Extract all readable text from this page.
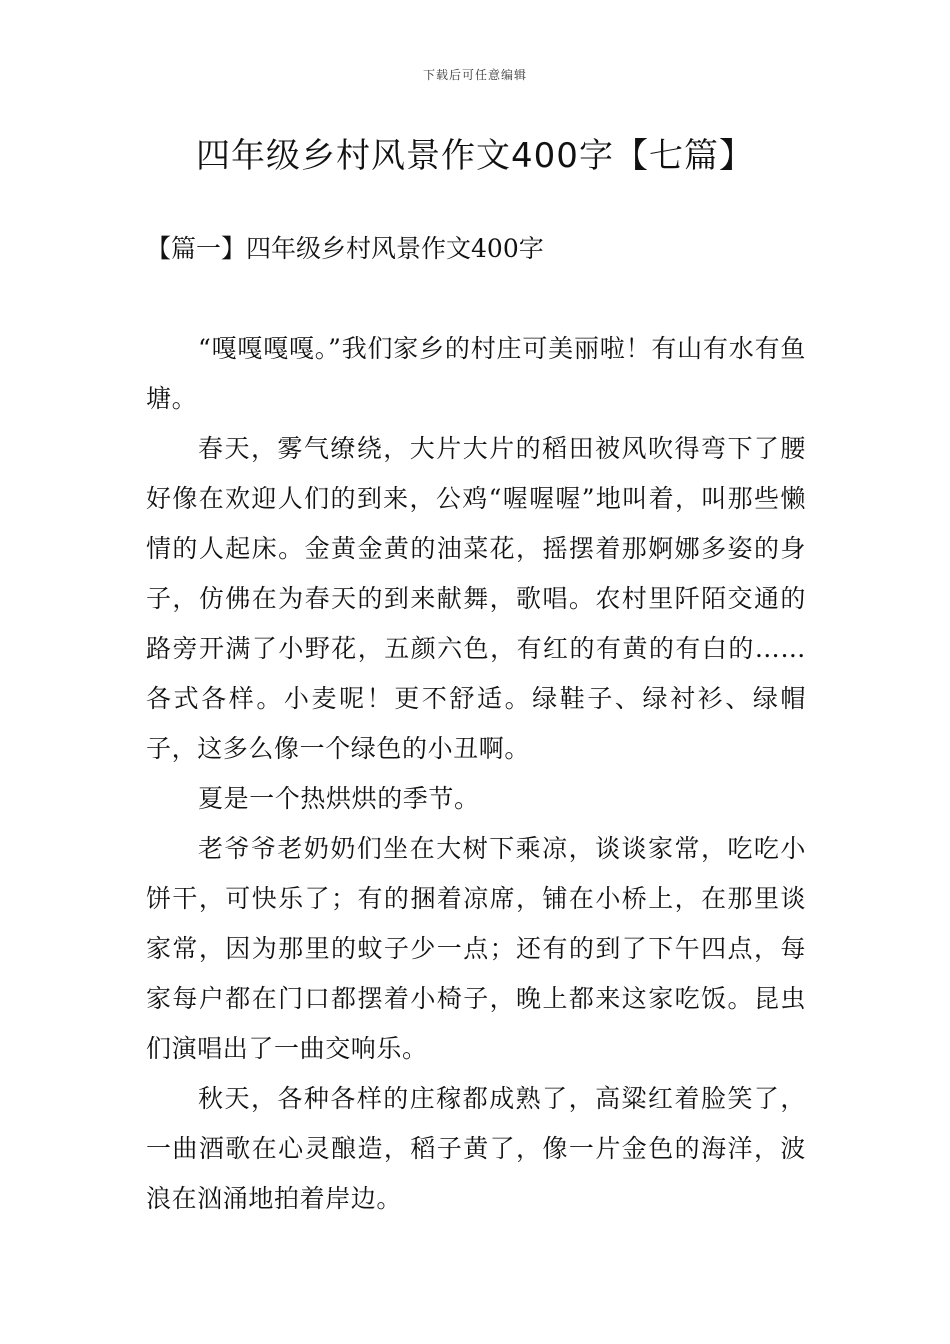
下载后可任意编辑
四年级乡村风景作文400字【七篇】
【篇一】四年级乡村风景作文400字

“嘎嘎嘎嘎。”我们家乡的村庄可美丽啦！有山有水有鱼塘。

春天，雾气缭绕，大片大片的稻田被风吹得弯下了腰好像在欢迎人们的到来，公鸡“喔喔喔”地叫着，叫那些懒情的人起床。金黄金黄的油菜花，摇摆着那婀娜多姿的身子，仿佛在为春天的到来献舞，歌唱。农村里阡陌交通的路旁开满了小野花，五颜六色，有红的有黄的有白的……各式各样。小麦呢！更不舒适。绿鞋子、绿衬衫、绿帽子，这多么像一个绿色的小丑啊。

夏是一个热烘烘的季节。

老爷爷老奶奶们坐在大树下乘凉，谈谈家常，吃吃小饼干，可快乐了；有的捆着凉席，铺在小桥上，在那里谈家常，因为那里的蚊子少一点；还有的到了下午四点，每家每户都在门口都摆着小椅子，晚上都来这家吃饭。昆虫们演唱出了一曲交响乐。

秋天，各种各样的庄稼都成熟了，高粱红着脸笑了，一曲酒歌在心灵酿造，稻子黄了，像一片金色的海洋，波浪在汹涌地拍着岸边。
